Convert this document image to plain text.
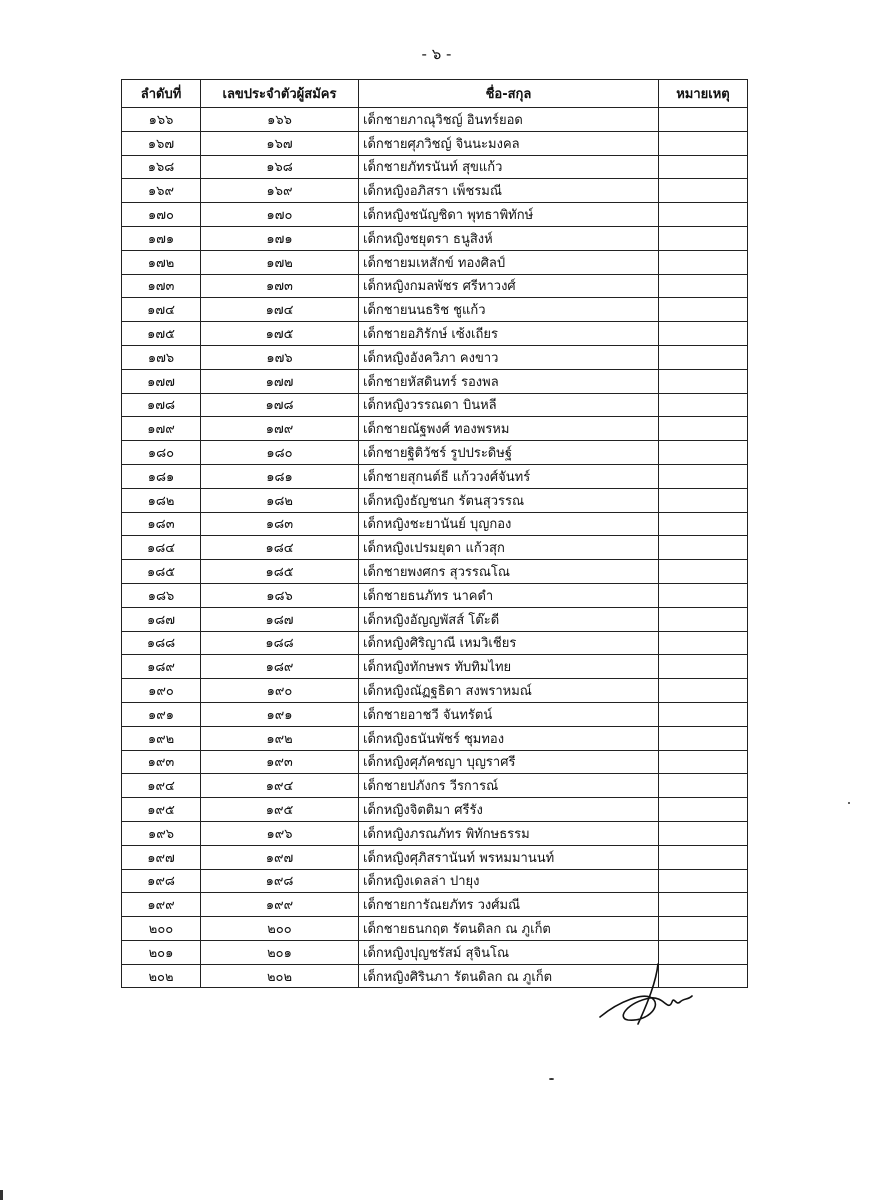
- ๖ -
ลำดับที่	เลขประจำตัวผู้สมัคร	ชื่อ-สกุล	หมายเหตุ
๑๖๖	๑๖๖	เด็กชายภาณุวิชญ์ อินทร์ยอด	
๑๖๗	๑๖๗	เด็กชายศุภวิชญ์ จินนะมงคล	
๑๖๘	๑๖๘	เด็กชายภัทรนันท์ สุขแก้ว	
๑๖๙	๑๖๙	เด็กหญิงอภิสรา เพ็ชรมณี	
๑๗๐	๑๗๐	เด็กหญิงชนัญชิดา พุทธาพิทักษ์	
๑๗๑	๑๗๑	เด็กหญิงชยุตรา ธนูสิงห์	
๑๗๒	๑๗๒	เด็กชายมเหสักข์ ทองศิลป์	
๑๗๓	๑๗๓	เด็กหญิงกมลพัชร ศรีหาวงศ์	
๑๗๔	๑๗๔	เด็กชายนนธริช ชูแก้ว	
๑๗๕	๑๗๕	เด็กชายอภิรักษ์ เซ้งเถียร	
๑๗๖	๑๗๖	เด็กหญิงอังควิภา คงขาว	
๑๗๗	๑๗๗	เด็กชายหัสดินทร์ รองพล	
๑๗๘	๑๗๘	เด็กหญิงวรรณดา บินหลี	
๑๗๙	๑๗๙	เด็กชายณัฐพงศ์ ทองพรหม	
๑๘๐	๑๘๐	เด็กชายฐิติวัชร์ รูปประดิษฐ์	
๑๘๑	๑๘๑	เด็กชายสุกนต์ธี แก้ววงศ์จันทร์	
๑๘๒	๑๘๒	เด็กหญิงธัญชนก รัตนสุวรรณ	
๑๘๓	๑๘๓	เด็กหญิงชะยานันย์ บุญกอง	
๑๘๔	๑๘๔	เด็กหญิงเปรมยุดา แก้วสุก	
๑๘๕	๑๘๕	เด็กชายพงศกร สุวรรณโณ	
๑๘๖	๑๘๖	เด็กชายธนภัทร นาคดำ	
๑๘๗	๑๘๗	เด็กหญิงอัญญพัสส์ โต๊ะดี	
๑๘๘	๑๘๘	เด็กหญิงศิริญาณี เหมวิเชียร	
๑๘๙	๑๘๙	เด็กหญิงทักษพร ทับทิมไทย	
๑๙๐	๑๙๐	เด็กหญิงณัฏฐธิดา สงพราหมณ์	
๑๙๑	๑๙๑	เด็กชายอาชวี จันทรัตน์	
๑๙๒	๑๙๒	เด็กหญิงธนันพัชร์ ชุมทอง	
๑๙๓	๑๙๓	เด็กหญิงศุภัคชญา บุญราศรี	
๑๙๔	๑๙๔	เด็กชายปภังกร วีรการณ์	
๑๙๕	๑๙๕	เด็กหญิงจิตติมา ศรีรัง	
๑๙๖	๑๙๖	เด็กหญิงภรณภัทร พิทักษธรรม	
๑๙๗	๑๙๗	เด็กหญิงศุภิสรานันท์ พรหมมานนท์	
๑๙๘	๑๙๘	เด็กหญิงเดลล่า ปายุง	
๑๙๙	๑๙๙	เด็กชายการัณยภัทร วงศ์มณี	
๒๐๐	๒๐๐	เด็กชายธนกฤต รัตนดิลก ณ ภูเก็ต	
๒๐๑	๒๐๑	เด็กหญิงปุญชรัสม์ สุจินโณ	
๒๐๒	๒๐๒	เด็กหญิงศิรินภา รัตนดิลก ณ ภูเก็ต	
